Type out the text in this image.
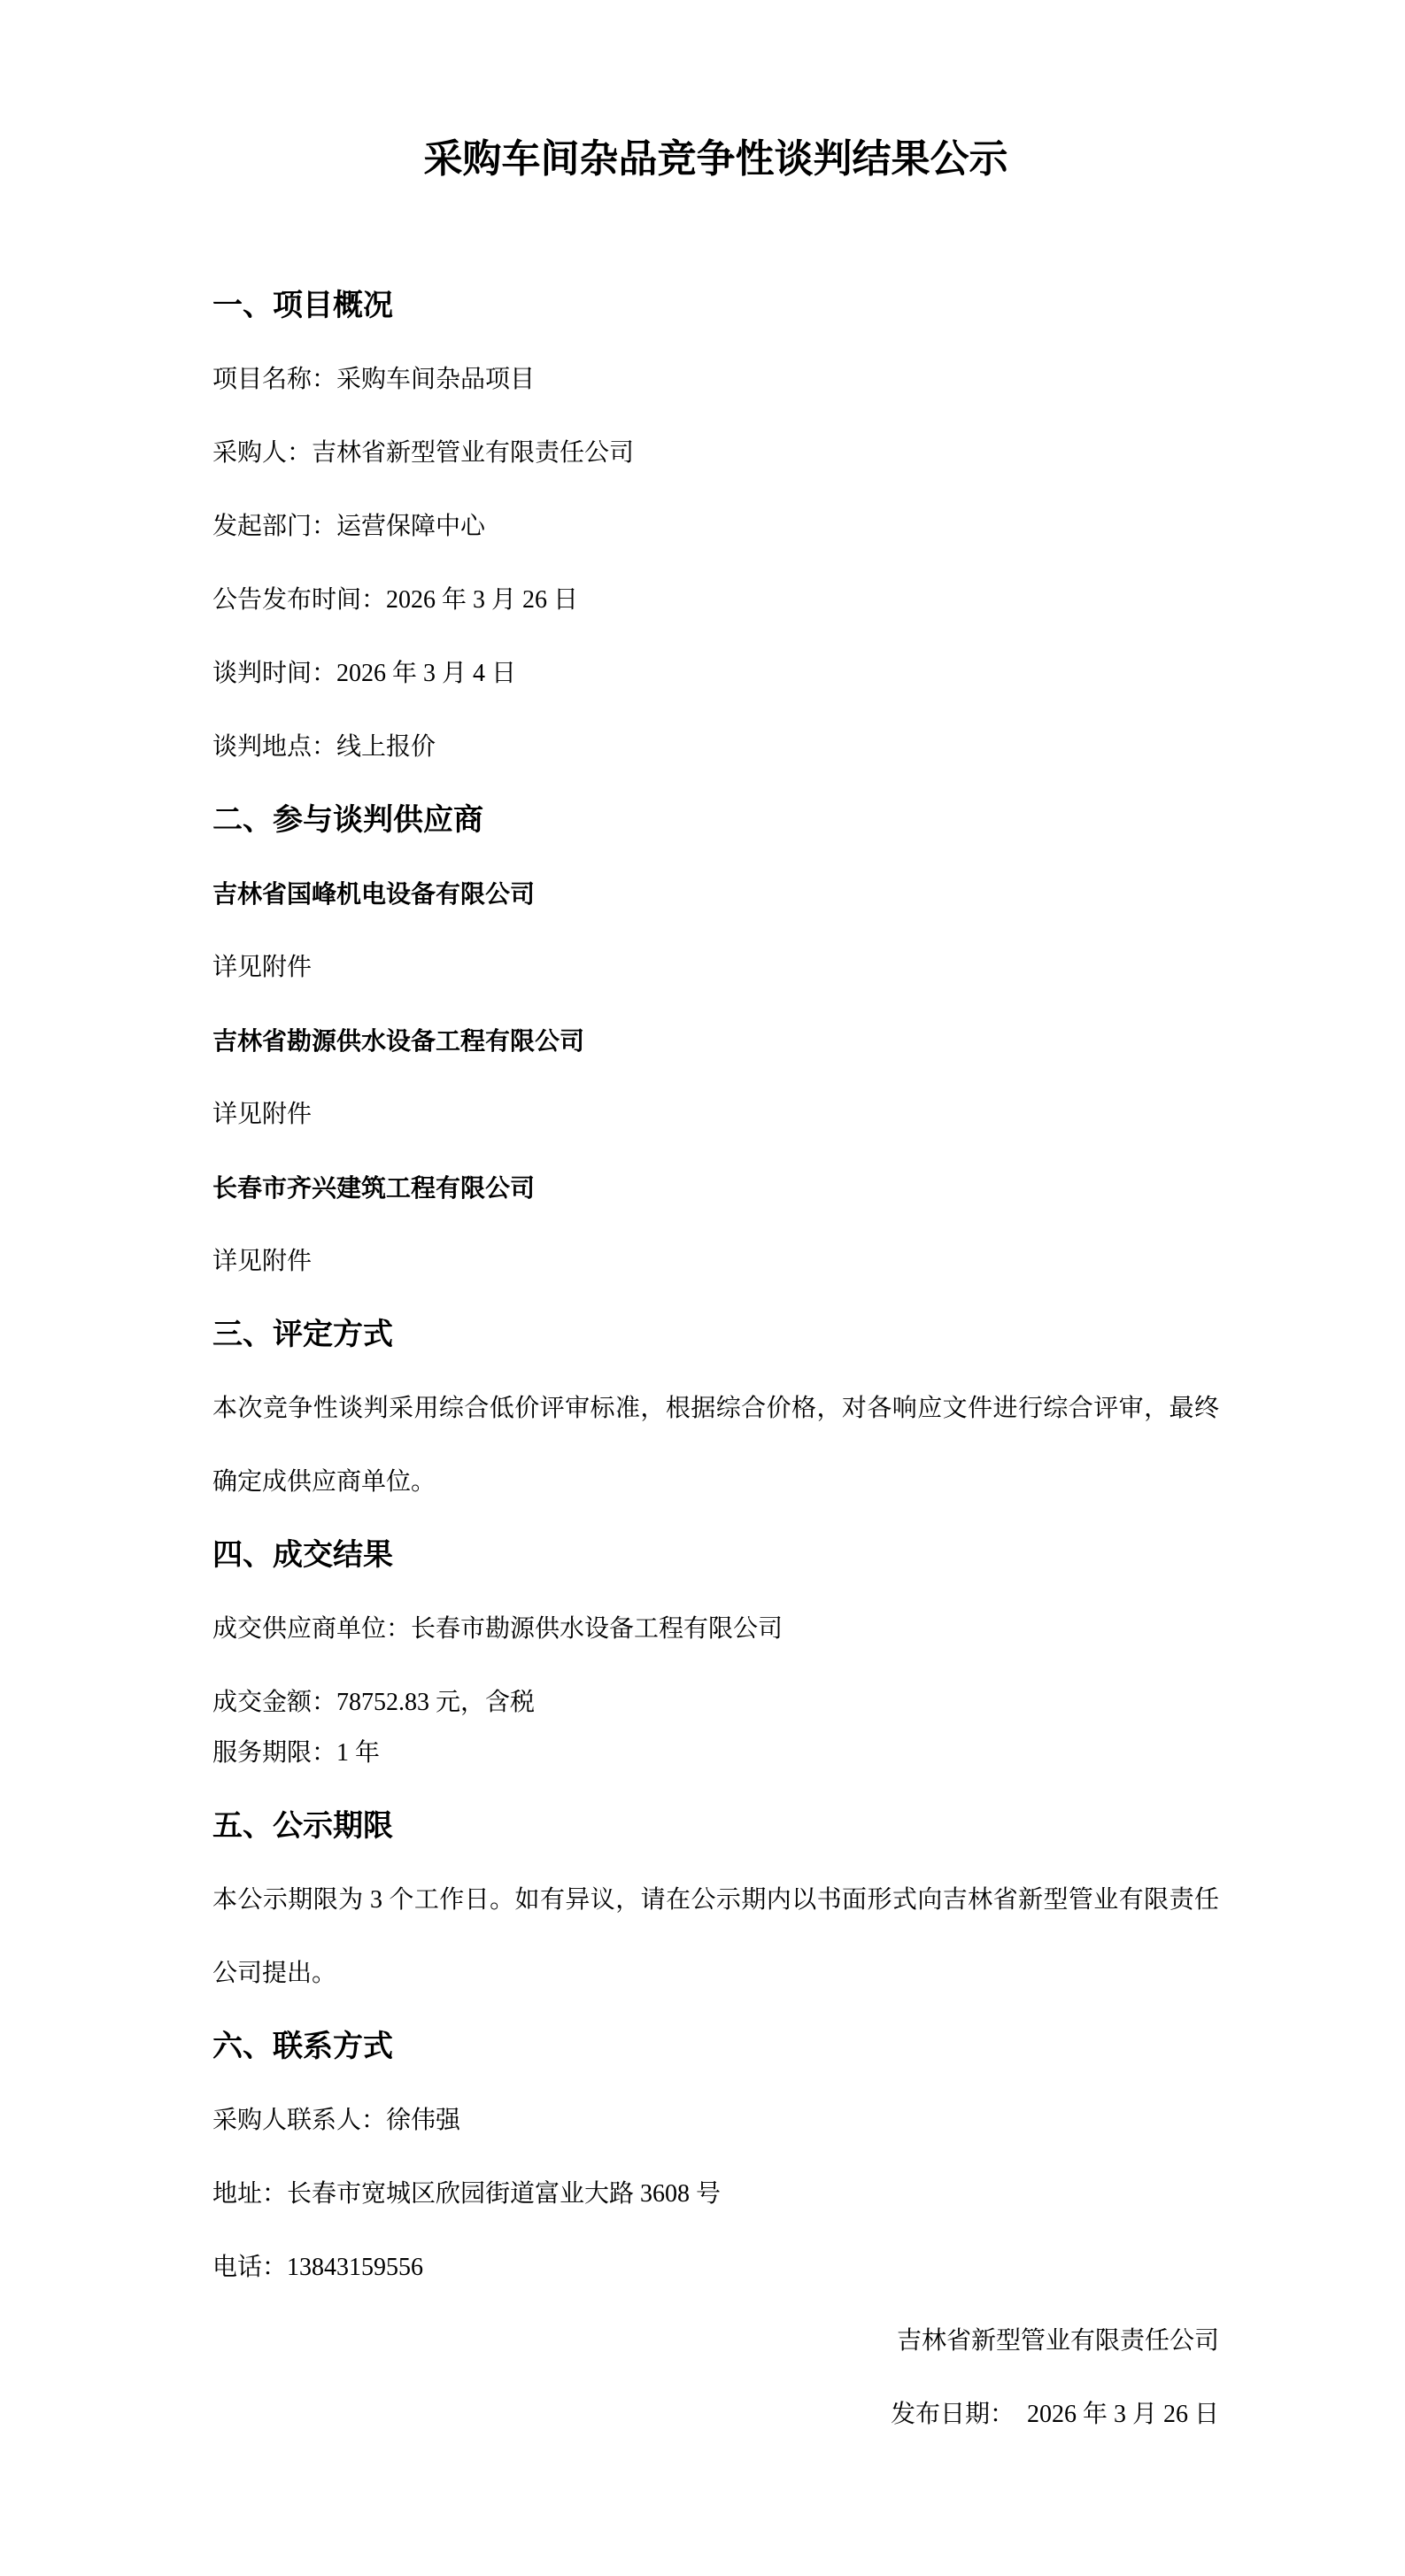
采购车间杂品竞争性谈判结果公示
一、项目概况

项目名称：采购车间杂品项目

采购人：吉林省新型管业有限责任公司

发起部门：运营保障中心

公告发布时间：2026 年 3 月 26 日

谈判时间：2026 年 3 月 4 日

谈判地点：线上报价

二、参与谈判供应商

吉林省国峰机电设备有限公司

详见附件

吉林省勘源供水设备工程有限公司

详见附件

长春市齐兴建筑工程有限公司

详见附件

三、评定方式

本次竞争性谈判采用综合低价评审标准，根据综合价格，对各响应文件进行综合评审，最终确定成供应商单位。

四、成交结果

成交供应商单位：长春市勘源供水设备工程有限公司

成交金额：78752.83 元，含税

服务期限：1 年

五、公示期限

本公示期限为 3 个工作日。如有异议，请在公示期内以书面形式向吉林省新型管业有限责任公司提出。

六、联系方式

采购人联系人：徐伟强

地址：长春市宽城区欣园街道富业大路 3608 号

电话：13843159556

吉林省新型管业有限责任公司

发布日期：　2026 年 3 月 26 日
